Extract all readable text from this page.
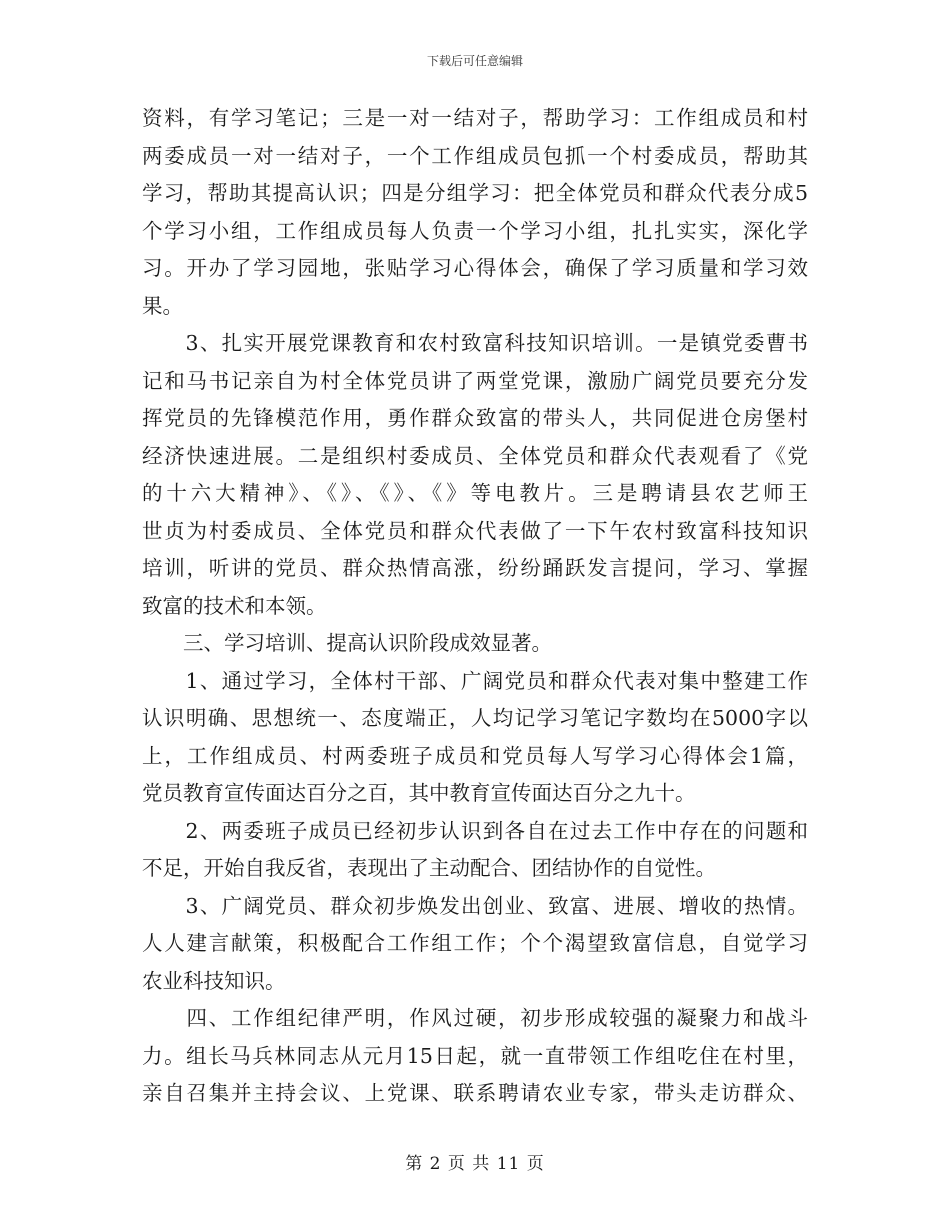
下载后可任意编辑
资料，有学习笔记；三是一对一结对子，帮助学习：工作组成员和村
两委成员一对一结对子，一个工作组成员包抓一个村委成员，帮助其
学习，帮助其提高认识；四是分组学习：把全体党员和群众代表分成5
个学习小组，工作组成员每人负责一个学习小组，扎扎实实，深化学
习。开办了学习园地，张贴学习心得体会，确保了学习质量和学习效
果。
　　3、扎实开展党课教育和农村致富科技知识培训。一是镇党委曹书
记和马书记亲自为村全体党员讲了两堂党课，激励广阔党员要充分发
挥党员的先锋模范作用，勇作群众致富的带头人，共同促进仓房堡村
经济快速进展。二是组织村委成员、全体党员和群众代表观看了《党
的十六大精神》、《》、《》、《》等电教片。三是聘请县农艺师王
世贞为村委成员、全体党员和群众代表做了一下午农村致富科技知识
培训，听讲的党员、群众热情高涨，纷纷踊跃发言提问，学习、掌握
致富的技术和本领。
　　三、学习培训、提高认识阶段成效显著。
　　1、通过学习，全体村干部、广阔党员和群众代表对集中整建工作
认识明确、思想统一、态度端正，人均记学习笔记字数均在5000字以
上，工作组成员、村两委班子成员和党员每人写学习心得体会1篇，
党员教育宣传面达百分之百，其中教育宣传面达百分之九十。
　　2、两委班子成员已经初步认识到各自在过去工作中存在的问题和
不足，开始自我反省，表现出了主动配合、团结协作的自觉性。
　　3、广阔党员、群众初步焕发出创业、致富、进展、增收的热情。
人人建言献策，积极配合工作组工作；个个渴望致富信息，自觉学习
农业科技知识。
　　四、工作组纪律严明，作风过硬，初步形成较强的凝聚力和战斗
力。组长马兵林同志从元月15日起，就一直带领工作组吃住在村里，
亲自召集并主持会议、上党课、联系聘请农业专家，带头走访群众、
第 2 页 共 11 页
